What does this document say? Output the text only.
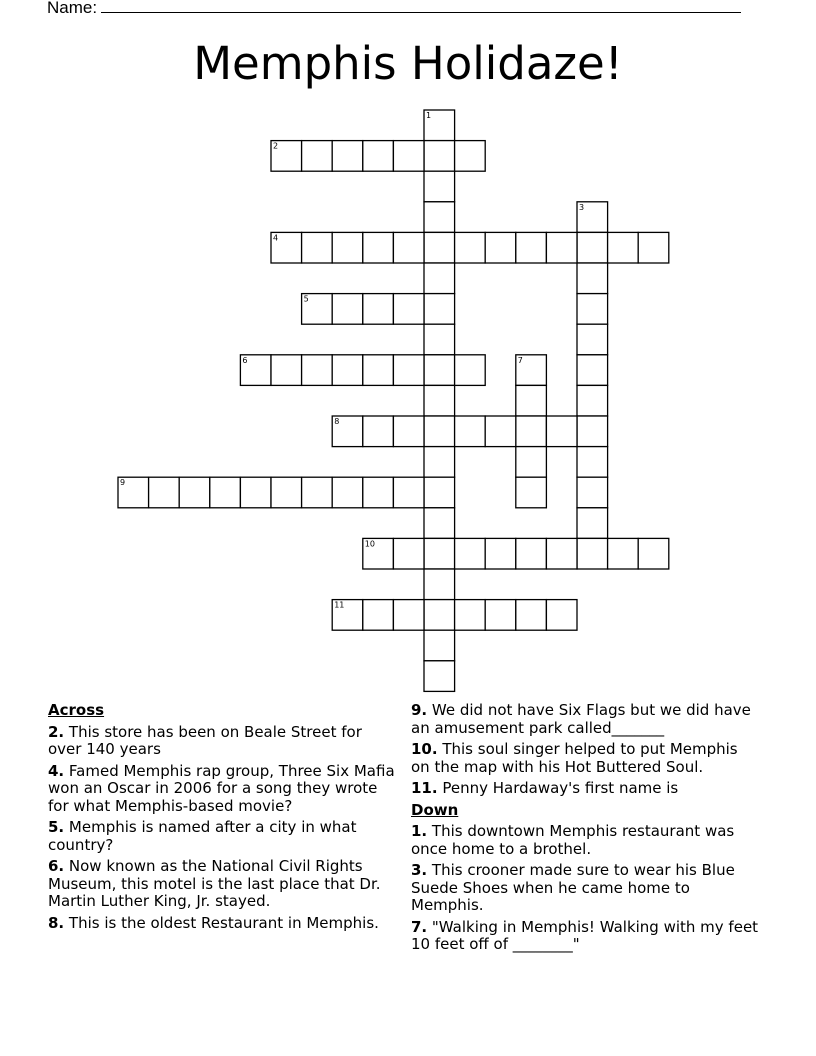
Name:
Memphis Holidaze!
1
2
3
4
5
6	7
8
9
10
11
Across
2. This store has been on Beale Street for over 140 years
4. Famed Memphis rap group, Three Six Mafia won an Oscar in 2006 for a song they wrote for what Memphis-based movie?
5. Memphis is named after a city in what country?
6. Now known as the National Civil Rights Museum, this motel is the last place that Dr. Martin Luther King, Jr. stayed.
8. This is the oldest Restaurant in Memphis.
9. We did not have Six Flags but we did have an amusement park called_______
10. This soul singer helped to put Memphis on the map with his Hot Buttered Soul.
11. Penny Hardaway's first name is
Down
1. This downtown Memphis restaurant was once home to a brothel.
3. This crooner made sure to wear his Blue Suede Shoes when he came home to Memphis.
7. "Walking in Memphis! Walking with my feet 10 feet off of ________"
